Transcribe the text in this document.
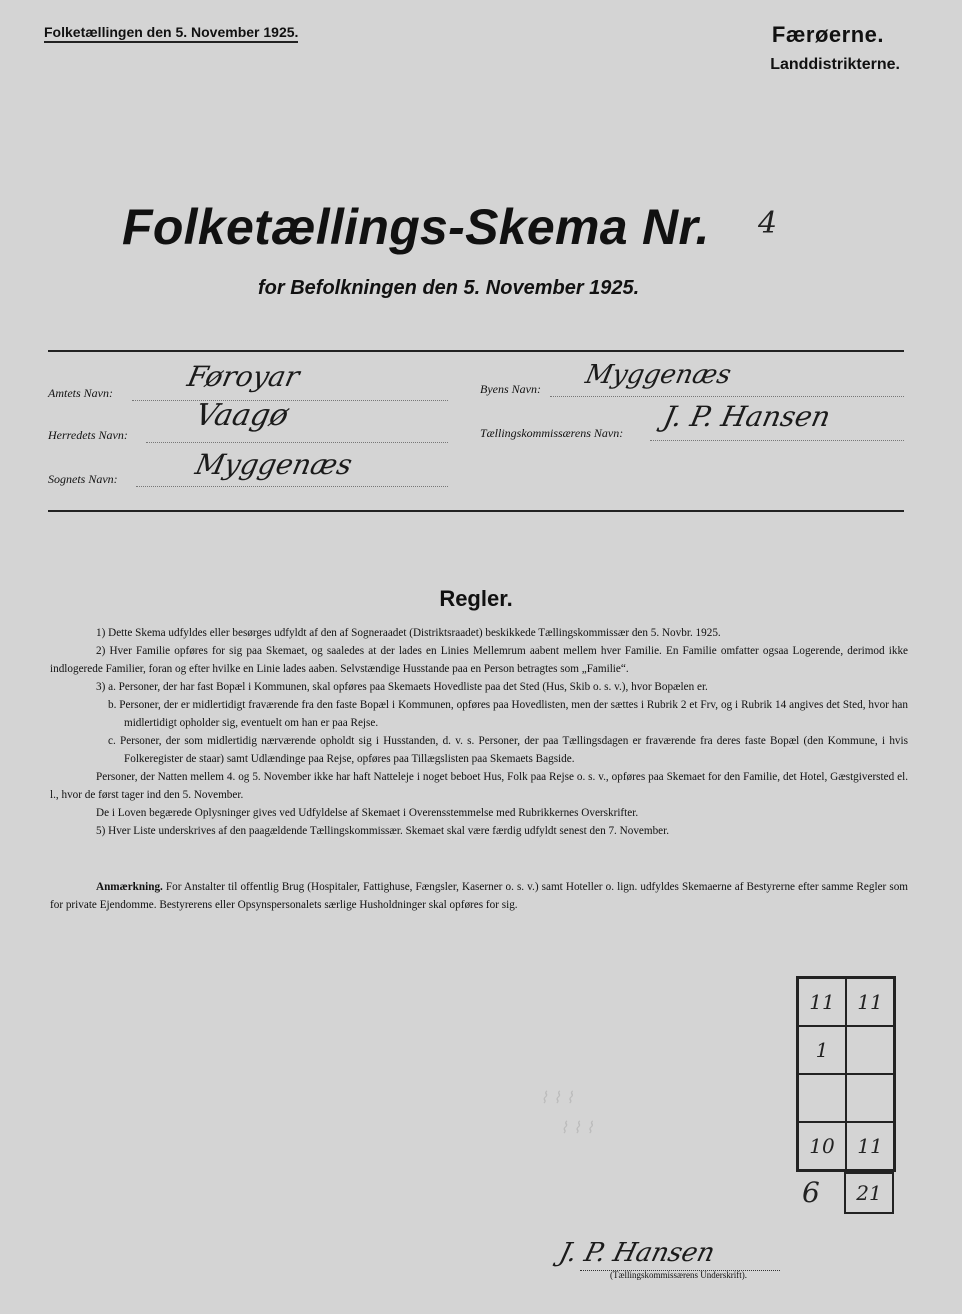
Folketællingen den 5. November 1925.	Færøerne.
Landdistrikterne.
Folketællings-Skema Nr. 4
for Befolkningen den 5. November 1925.
Amtets Navn:	Føroyar
Herredets Navn:
Vaagø
Sognets Navn:	Myggenæs
Byens Navn: Myggenæs
Tællingskommissærens Navn: J. P. Hansen
Regler.

1) Dette Skema udfyldes eller besørges udfyldt af den af Sogneraadet (Distriktsraadet) beskikkede Tællingskommissær den 5. Novbr. 1925.

2) Hver Familie opføres for sig paa Skemaet, og saaledes at der lades en Linies Mellemrum aabent mellem hver Familie. En Familie omfatter ogsaa Logerende, derimod ikke indlogerede Familier, foran og efter hvilke en Linie lades aaben. Selvstændige Husstande paa en Person betragtes som „Familie“.

3) a. Personer, der har fast Bopæl i Kommunen, skal opføres paa Skemaets Hovedliste paa det Sted (Hus, Skib o. s. v.), hvor Bopælen er.

b. Personer, der er midlertidigt fraværende fra den faste Bopæl i Kommunen, opføres paa Hovedlisten, men der sættes i Rubrik 2 et Frv, og i Rubrik 14 angives det Sted, hvor han midlertidigt opholder sig, eventuelt om han er paa Rejse.

c. Personer, der som midlertidig nærværende opholdt sig i Husstanden, d. v. s. Personer, der paa Tællingsdagen er fraværende fra deres faste Bopæl (den Kommune, i hvis Folkeregister de staar) samt Udlændinge paa Rejse, opføres paa Tillægslisten paa Skemaets Bagside.

Personer, der Natten mellem 4. og 5. November ikke har haft Natteleje i noget beboet Hus, Folk paa Rejse o. s. v., opføres paa Skemaet for den Familie, det Hotel, Gæstgiversted el. l., hvor de først tager ind den 5. November.

De i Loven begærede Oplysninger gives ved Udfyldelse af Skemaet i Overensstemmelse med Rubrikkernes Overskrifter.

5) Hver Liste underskrives af den paagældende Tællingskommissær. Skemaet skal være færdig udfyldt senest den 7. November.

Anmærkning. For Anstalter til offentlig Brug (Hospitaler, Fattighuse, Fængsler, Kaserner o. s. v.) samt Hoteller o. lign. udfyldes Skemaerne af Bestyrerne efter samme Regler som for private Ejendomme. Bestyrerens eller Opsynspersonalets særlige Husholdninger skal opføres for sig.
⌇ ⌇ ⌇
⌇ ⌇ ⌇
11	11
1
10	11
6	21
J. P. Hansen
(Tællingskommissærens Underskrift).
